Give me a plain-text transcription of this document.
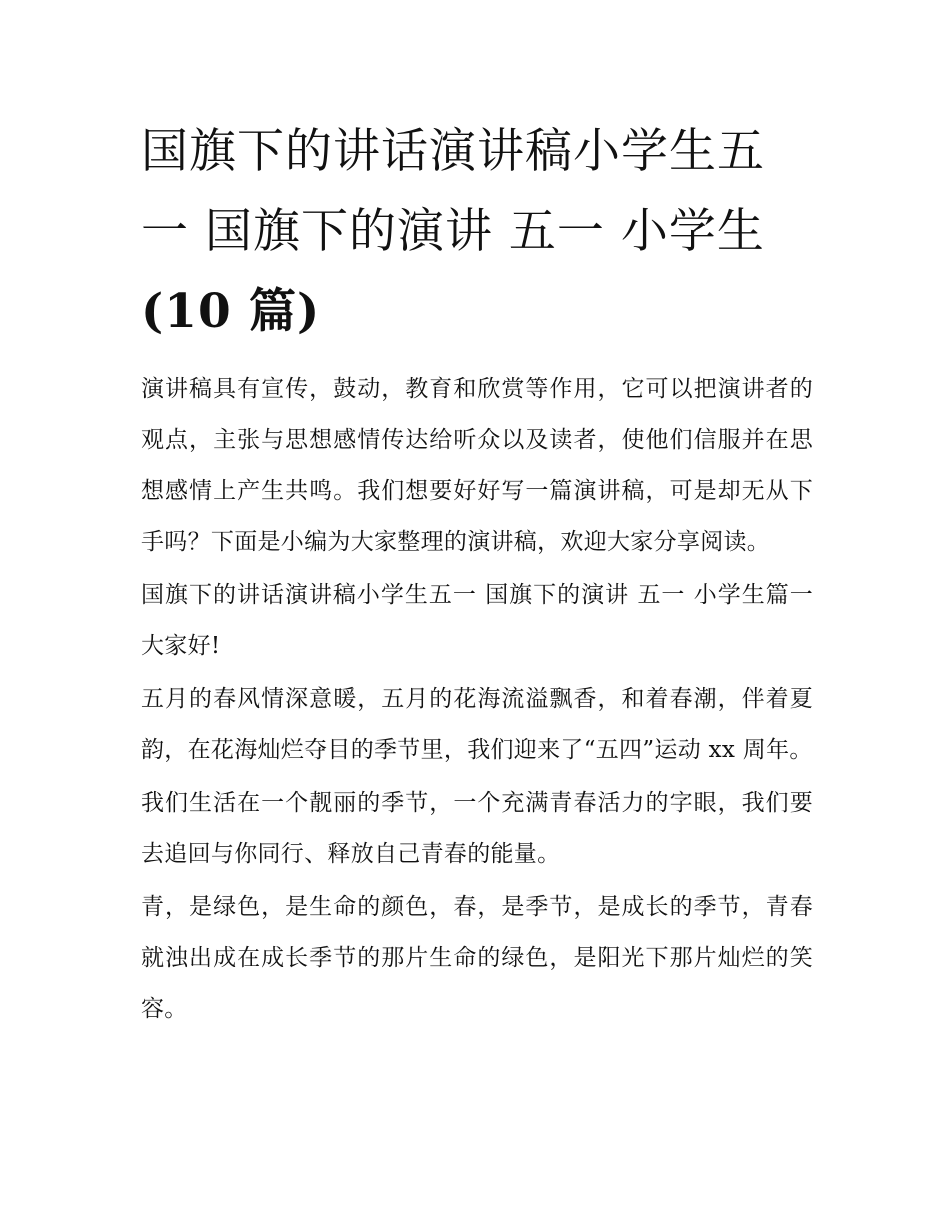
国旗下的讲话演讲稿小学生五一 国旗下的演讲 五一 小学生
(10 篇)

演讲稿具有宣传，鼓动，教育和欣赏等作用，它可以把演讲者的观点，主张与思想感情传达给听众以及读者，使他们信服并在思想感情上产生共鸣。我们想要好好写一篇演讲稿，可是却无从下手吗？下面是小编为大家整理的演讲稿，欢迎大家分享阅读。

国旗下的讲话演讲稿小学生五一 国旗下的演讲 五一 小学生篇一 大家好!

五月的春风情深意暖，五月的花海流溢飘香，和着春潮，伴着夏韵，在花海灿烂夺目的季节里，我们迎来了“五四”运动 xx 周年。

我们生活在一个靓丽的季节，一个充满青春活力的字眼，我们要去追回与你同行、释放自己青春的能量。

青，是绿色，是生命的颜色，春，是季节，是成长的季节，青春就浊出成在成长季节的那片生命的绿色，是阳光下那片灿烂的笑容。
